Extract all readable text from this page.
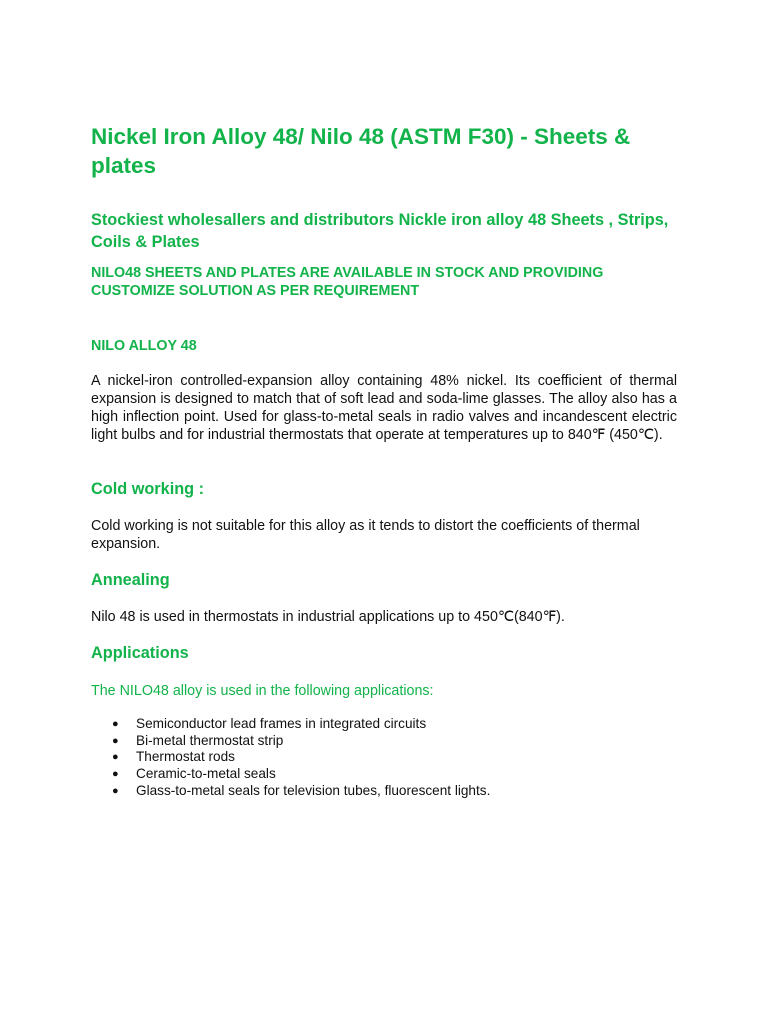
Nickel Iron Alloy 48/ Nilo 48 (ASTM F30) - Sheets & plates
Stockiest wholesallers and distributors Nickle iron alloy 48 Sheets , Strips, Coils & Plates

NILO48 SHEETS AND PLATES ARE AVAILABLE IN STOCK AND PROVIDING CUSTOMIZE SOLUTION AS PER REQUIREMENT

NILO ALLOY 48

A nickel-iron controlled-expansion alloy containing 48% nickel. Its coefficient of thermal expansion is designed to match that of soft lead and soda-lime glasses. The alloy also has a high inflection point. Used for glass-to-metal seals in radio valves and incandescent electric light bulbs and for industrial thermostats that operate at temperatures up to 840℉ (450℃).

Cold working :

Cold working is not suitable for this alloy as it tends to distort the coefficients of thermal expansion.

Annealing

Nilo 48 is used in thermostats in industrial applications up to 450℃(840℉).

Applications

The NILO48 alloy is used in the following applications:

● Semiconductor lead frames in integrated circuits
● Bi-metal thermostat strip
● Thermostat rods
● Ceramic-to-metal seals
● Glass-to-metal seals for television tubes, fluorescent lights.
